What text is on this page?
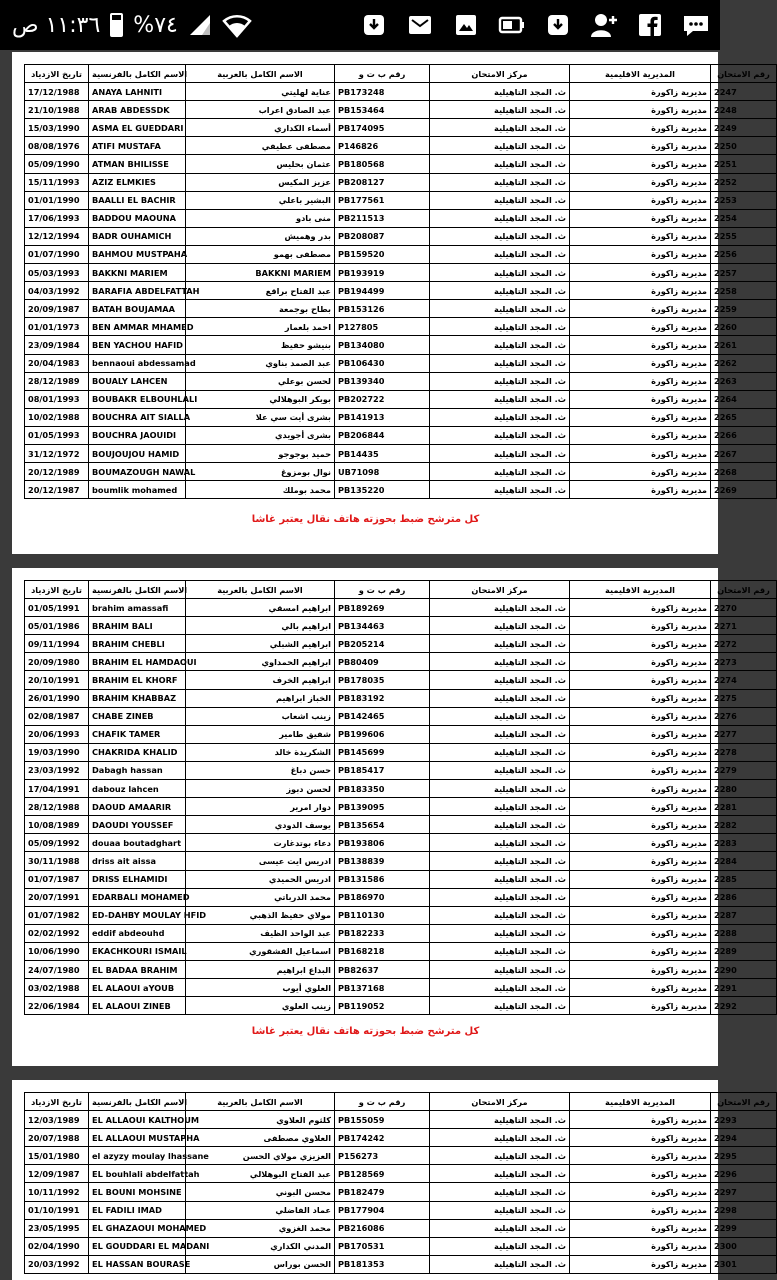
١١:٣٦ ص %٧٤
تاريخ الازدياد	الاسم الكامل بالفرنسية	الاسم الكامل بالعربية	رقم ب ت و	مركز الامتحان	المديرية الاقليمية	رقم الامتحان
17/12/1988	ANAYA LAHNITI	عناية لهليتي	PB173248	ث. المجد التاهيلية	مديرية زاكورة	2247
21/10/1988	ARAB ABDESSDK	عبد الصادق اعراب	PB153464	ث. المجد التاهيلية	مديرية زاكورة	2248
15/03/1990	ASMA EL GUEDDARI	أسماء الكداري	PB174095	ث. المجد التاهيلية	مديرية زاكورة	2249
08/08/1976	ATIFI MUSTAFA	مصطفى عطيفي	P146826	ث. المجد التاهيلية	مديرية زاكورة	2250
05/09/1990	ATMAN BHILISSE	عثمان بحليس	PB180568	ث. المجد التاهيلية	مديرية زاكورة	2251
15/11/1993	AZIZ ELMKIES	عزيز المكيس	PB208127	ث. المجد التاهيلية	مديرية زاكورة	2252
01/01/1990	BAALLI EL BACHIR	البشير باعلي	PB177561	ث. المجد التاهيلية	مديرية زاكورة	2253
17/06/1993	BADDOU MAOUNA	منى بادو	PB211513	ث. المجد التاهيلية	مديرية زاكورة	2254
12/12/1994	BADR OUHAMICH	بدر وهميش	PB208087	ث. المجد التاهيلية	مديرية زاكورة	2255
01/07/1990	BAHMOU MUSTPAHA	مصطفى بهمو	PB159520	ث. المجد التاهيلية	مديرية زاكورة	2256
05/03/1993	BAKKNI MARIEM	BAKKNI MARIEM	PB193919	ث. المجد التاهيلية	مديرية زاكورة	2257
04/03/1992	BARAFIA ABDELFATTAH	عبد الفتاح براقع	PB194499	ث. المجد التاهيلية	مديرية زاكورة	2258
20/09/1987	BATAH BOUJAMAA	بطاح بوجمعة	PB153126	ث. المجد التاهيلية	مديرية زاكورة	2259
01/01/1973	BEN AMMAR MHAMED	احمد بلعمار	P127805	ث. المجد التاهيلية	مديرية زاكورة	2260
23/09/1984	BEN YACHOU HAFID	بنيشو حفيظ	PB134080	ث. المجد التاهيلية	مديرية زاكورة	2261
20/04/1983	bennaoui abdessamad	عبد الصمد بناوي	PB106430	ث. المجد التاهيلية	مديرية زاكورة	2262
28/12/1989	BOUALY LAHCEN	لحسن بوعلي	PB139340	ث. المجد التاهيلية	مديرية زاكورة	2263
08/01/1993	BOUBAKR ELBOUHLALI	بوبكر البوهلالي	PB202722	ث. المجد التاهيلية	مديرية زاكورة	2264
10/02/1988	BOUCHRA AIT SIALLA	بشرى أيت سي علا	PB141913	ث. المجد التاهيلية	مديرية زاكورة	2265
01/05/1993	BOUCHRA JAOUIDI	بشرى أجويدي	PB206844	ث. المجد التاهيلية	مديرية زاكورة	2266
31/12/1972	BOUJOUJOU HAMID	حميد بوجوجو	PB14435	ث. المجد التاهيلية	مديرية زاكورة	2267
20/12/1989	BOUMAZOUGH NAWAL	نوال بومزوغ	UB71098	ث. المجد التاهيلية	مديرية زاكورة	2268
20/12/1987	boumlik mohamed	محمد بوملك	PB135220	ث. المجد التاهيلية	مديرية زاكورة	2269
كل مترشح ضبط بحوزته هاتف نقال يعتبر غاشا
تاريخ الازدياد	الاسم الكامل بالفرنسية	الاسم الكامل بالعربية	رقم ب ت و	مركز الامتحان	المديرية الاقليمية	رقم الامتحان
01/05/1991	brahim amassafi	ابراهيم امسقي	PB189269	ث. المجد التاهيلية	مديرية زاكورة	2270
05/01/1986	BRAHIM BALI	ابراهيم بالي	PB134463	ث. المجد التاهيلية	مديرية زاكورة	2271
09/11/1994	BRAHIM CHEBLI	ابراهيم الشبلي	PB205214	ث. المجد التاهيلية	مديرية زاكورة	2272
20/09/1980	BRAHIM EL HAMDAOUI	ابراهيم الحمداوي	PB80409	ث. المجد التاهيلية	مديرية زاكورة	2273
20/10/1991	BRAHIM EL KHORF	ابراهيم الخرف	PB178035	ث. المجد التاهيلية	مديرية زاكورة	2274
26/01/1990	BRAHIM KHABBAZ	الخباز ابراهيم	PB183192	ث. المجد التاهيلية	مديرية زاكورة	2275
02/08/1987	CHABE ZINEB	زينب اشعاب	PB142465	ث. المجد التاهيلية	مديرية زاكورة	2276
20/06/1993	CHAFIK TAMER	شفيق طامير	PB199606	ث. المجد التاهيلية	مديرية زاكورة	2277
19/03/1990	CHAKRIDA KHALID	الشكريدة خالد	PB145699	ث. المجد التاهيلية	مديرية زاكورة	2278
23/03/1992	Dabagh hassan	حسن دباغ	PB185417	ث. المجد التاهيلية	مديرية زاكورة	2279
17/04/1991	dabouz lahcen	لحسن دبوز	PB183350	ث. المجد التاهيلية	مديرية زاكورة	2280
28/12/1988	DAOUD AMAARIR	دوار امرير	PB139095	ث. المجد التاهيلية	مديرية زاكورة	2281
10/08/1989	DAOUDI YOUSSEF	يوسف الدودي	PB135654	ث. المجد التاهيلية	مديرية زاكورة	2282
05/09/1992	douaa boutadghart	دعاء بوتدغارت	PB193806	ث. المجد التاهيلية	مديرية زاكورة	2283
30/11/1988	driss ait aissa	ادريس ايت عيسى	PB138839	ث. المجد التاهيلية	مديرية زاكورة	2284
01/07/1987	DRISS ELHAMIDI	ادريس الحميدي	PB131586	ث. المجد التاهيلية	مديرية زاكورة	2285
20/07/1991	EDARBALI MOHAMED	محمد الدرباتي	PB186970	ث. المجد التاهيلية	مديرية زاكورة	2286
01/07/1982	ED-DAHBY MOULAY HFID	مولاي حفيظ الذهبي	PB110130	ث. المجد التاهيلية	مديرية زاكورة	2287
02/02/1992	eddif abdeouhd	عبد الواحد الظيف	PB182233	ث. المجد التاهيلية	مديرية زاكورة	2288
10/06/1990	EKACHKOURI ISMAIL	اسماعيل القشقوري	PB168218	ث. المجد التاهيلية	مديرية زاكورة	2289
24/07/1980	EL BADAA BRAHIM	البداع ابراهيم	PB82637	ث. المجد التاهيلية	مديرية زاكورة	2290
03/02/1988	EL ALAOUI aYOUB	العلوي أيوب	PB137168	ث. المجد التاهيلية	مديرية زاكورة	2291
22/06/1984	EL ALAOUI ZINEB	زينب العلوي	PB119052	ث. المجد التاهيلية	مديرية زاكورة	2292
كل مترشح ضبط بحوزته هاتف نقال يعتبر غاشا
تاريخ الازدياد	الاسم الكامل بالفرنسية	الاسم الكامل بالعربية	رقم ب ت و	مركز الامتحان	المديرية الاقليمية	رقم الامتحان
12/03/1989	EL ALLAOUI KALTHOUM	كلثوم العلاوي	PB155059	ث. المجد التاهيلية	مديرية زاكورة	2293
20/07/1988	EL ALLAOUI MUSTAPHA	العلاوي مصطفى	PB174242	ث. المجد التاهيلية	مديرية زاكورة	2294
15/01/1980	el azyzy moulay lhassane	العزيزي مولاي الحسن	P156273	ث. المجد التاهيلية	مديرية زاكورة	2295
12/09/1987	EL bouhlali abdelfattah	عبد الفتاح البوهلالي	PB128569	ث. المجد التاهيلية	مديرية زاكورة	2296
10/11/1992	EL BOUNI MOHSINE	محسن البوني	PB182479	ث. المجد التاهيلية	مديرية زاكورة	2297
01/10/1991	EL FADILI IMAD	عماد الفاضلي	PB177904	ث. المجد التاهيلية	مديرية زاكورة	2298
23/05/1995	EL GHAZAOUI MOHAMED	محمد الغزوي	PB216086	ث. المجد التاهيلية	مديرية زاكورة	2299
02/04/1990	EL GOUDDARI EL MADANI	المدني الكداري	PB170531	ث. المجد التاهيلية	مديرية زاكورة	2300
20/03/1992	EL HASSAN BOURASE	الحسن بوراس	PB181353	ث. المجد التاهيلية	مديرية زاكورة	2301
